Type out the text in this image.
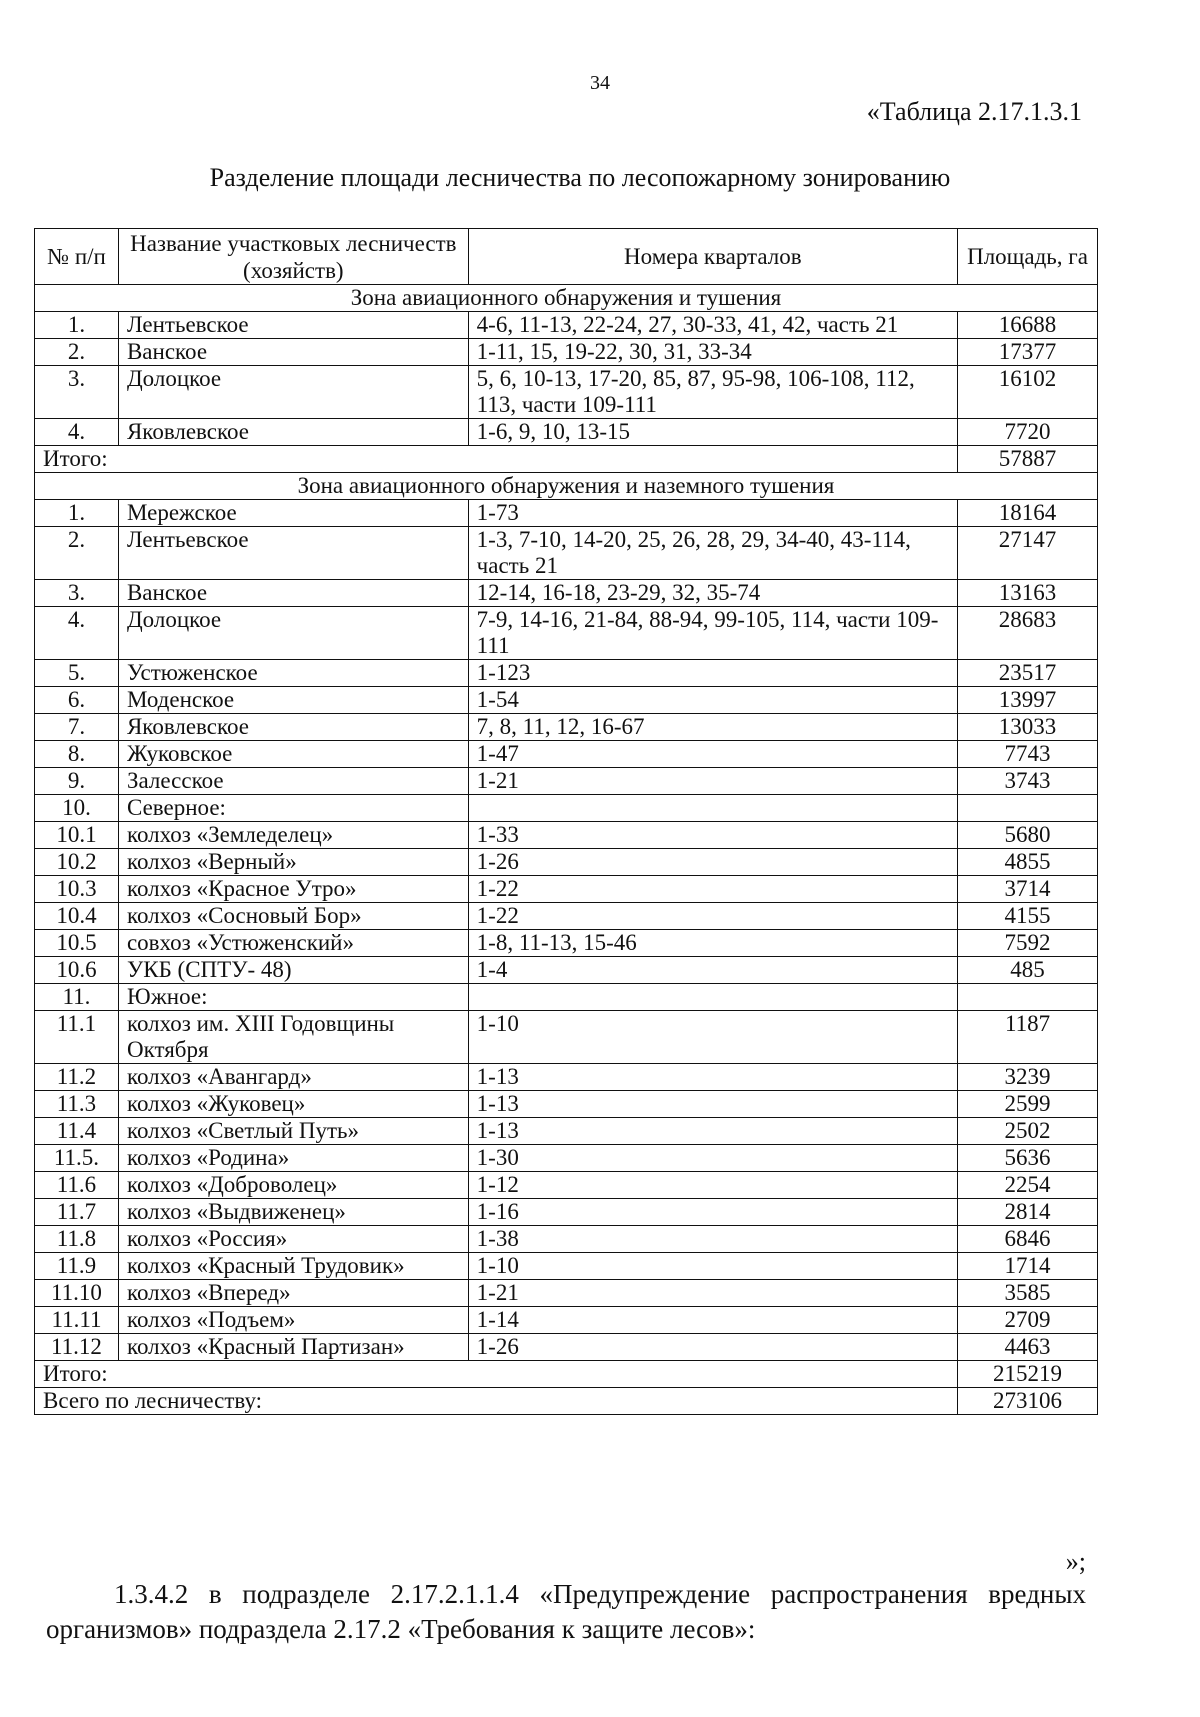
34
«Таблица 2.17.1.3.1
Разделение площади лесничества по лесопожарному зонированию
№ п/п	Название участковых лесничеств (хозяйств)	Номера кварталов	Площадь, га
Зона авиационного обнаружения и тушения			
1.	Лентьевское	4-6, 11-13, 22-24, 27, 30-33, 41, 42, часть 21	16688
2.	Ванское	1-11, 15, 19-22, 30, 31, 33-34	17377
3.	Долоцкое	5, 6, 10-13, 17-20, 85, 87, 95-98, 106-108, 112, 113, части 109-111	16102
4.	Яковлевское	1-6, 9, 10, 13-15	7720
Итого:			57887
Зона авиационного обнаружения и наземного тушения			
1.	Мережское	1-73	18164
2.	Лентьевское	1-3, 7-10, 14-20, 25, 26, 28, 29, 34-40, 43-114, часть 21	27147
3.	Ванское	12-14, 16-18, 23-29, 32, 35-74	13163
4.	Долоцкое	7-9, 14-16, 21-84, 88-94, 99-105, 114, части 109-111	28683
5.	Устюженское	1-123	23517
6.	Моденское	1-54	13997
7.	Яковлевское	7, 8, 11, 12, 16-67	13033
8.	Жуковское	1-47	7743
9.	Залесское	1-21	3743
10.	Северное:		
10.1	колхоз «Земледелец»	1-33	5680
10.2	колхоз «Верный»	1-26	4855
10.3	колхоз «Красное Утро»	1-22	3714
10.4	колхоз «Сосновый Бор»	1-22	4155
10.5	совхоз «Устюженский»	1-8, 11-13, 15-46	7592
10.6	УКБ (СПТУ- 48)	1-4	485
11.	Южное:		
11.1	колхоз им. XIII Годовщины Октября	1-10	1187
11.2	колхоз «Авангард»	1-13	3239
11.3	колхоз «Жуковец»	1-13	2599
11.4	колхоз «Светлый Путь»	1-13	2502
11.5.	колхоз «Родина»	1-30	5636
11.6	колхоз «Доброволец»	1-12	2254
11.7	колхоз «Выдвиженец»	1-16	2814
11.8	колхоз «Россия»	1-38	6846
11.9	колхоз «Красный Трудовик»	1-10	1714
11.10	колхоз «Вперед»	1-21	3585
11.11	колхоз «Подъем»	1-14	2709
11.12	колхоз «Красный Партизан»	1-26	4463
Итого:			215219
Всего по лесничеству:			273106
»;
1.3.4.2 в подразделе 2.17.2.1.1.4 «Предупреждение распространения вредных организмов» подраздела 2.17.2 «Требования к защите лесов»:
